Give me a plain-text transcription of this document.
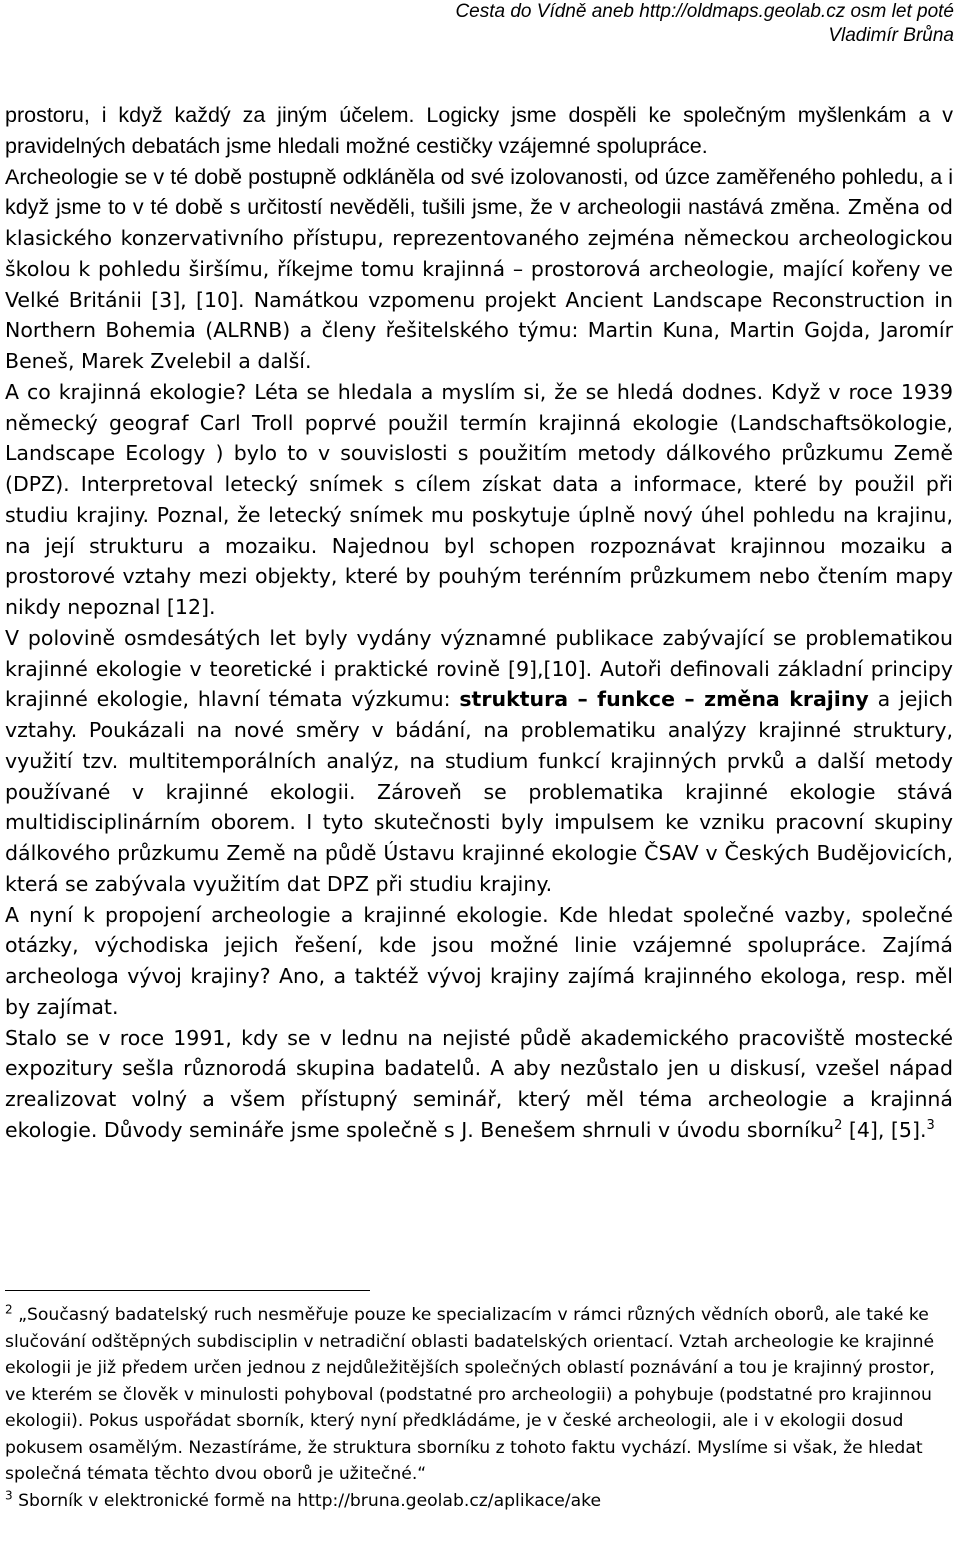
Cesta do Vídně aneb http://oldmaps.geolab.cz osm let poté
Vladimír Brůna

prostoru, i když každý za jiným účelem. Logicky jsme dospěli ke společným myšlenkám a v pravidelných debatách jsme hledali možné cestičky vzájemné spolupráce.

Archeologie se v té době postupně odkláněla od své izolovanosti, od úzce zaměřeného pohledu, a i když jsme to v té době s určitostí nevěděli, tušili jsme, že v archeologii nastává změna. Změna od klasického konzervativního přístupu, reprezentovaného zejména německou archeologickou školou k pohledu širšímu, říkejme tomu krajinná – prostorová archeologie, mající kořeny ve Velké Británii [3], [10]. Namátkou vzpomenu projekt Ancient Landscape Reconstruction in Northern Bohemia (ALRNB) a členy řešitelského týmu: Martin Kuna, Martin Gojda, Jaromír Beneš, Marek Zvelebil a další.

A co krajinná ekologie? Léta se hledala a myslím si, že se hledá dodnes. Když v roce 1939 německý geograf Carl Troll poprvé použil termín krajinná ekologie (Landschaftsökologie, Landscape Ecology ) bylo to v souvislosti s použitím metody dálkového průzkumu Země (DPZ). Interpretoval letecký snímek s cílem získat data a informace, které by použil při studiu krajiny. Poznal, že letecký snímek mu poskytuje úplně nový úhel pohledu na krajinu, na její strukturu a mozaiku. Najednou byl schopen rozpoznávat krajinnou mozaiku a prostorové vztahy mezi objekty, které by pouhým terénním průzkumem nebo čtením mapy nikdy nepoznal [12].

V polovině osmdesátých let byly vydány významné publikace zabývající se problematikou krajinné ekologie v teoretické i praktické rovině [9],[10]. Autoři definovali základní principy krajinné ekologie, hlavní témata výzkumu: struktura – funkce – změna krajiny a jejich vztahy. Poukázali na nové směry v bádání, na problematiku analýzy krajinné struktury, využití tzv. multitemporálních analýz, na studium funkcí krajinných prvků a další metody používané v krajinné ekologii. Zároveň se problematika krajinné ekologie stává multidisciplinárním oborem. I tyto skutečnosti byly impulsem ke vzniku pracovní skupiny dálkového průzkumu Země na půdě Ústavu krajinné ekologie ČSAV v Českých Budějovicích, která se zabývala využitím dat DPZ při studiu krajiny.

A nyní k propojení archeologie a krajinné ekologie. Kde hledat společné vazby, společné otázky, východiska jejich řešení, kde jsou možné linie vzájemné spolupráce. Zajímá archeologa vývoj krajiny? Ano, a taktéž vývoj krajiny zajímá krajinného ekologa, resp. měl by zajímat.

Stalo se v roce 1991, kdy se v lednu na nejisté půdě akademického pracoviště mostecké expozitury sešla různorodá skupina badatelů. A aby nezůstalo jen u diskusí, vzešel nápad zrealizovat volný a všem přístupný seminář, který měl téma archeologie a krajinná ekologie. Důvody semináře jsme společně s J. Benešem shrnuli v úvodu sborníku$^2$ [4], [5].$^3$

$^2$ „Současný badatelský ruch nesměřuje pouze ke specializacím v rámci různých vědních oborů, ale také ke slučování odštěpných subdisciplin v netradiční oblasti badatelských orientací. Vztah archeologie ke krajinné ekologii je již předem určen jednou z nejdůležitějších společných oblastí poznávání a tou je krajinný prostor, ve kterém se člověk v minulosti pohyboval (podstatné pro archeologii) a pohybuje (podstatné pro krajinnou ekologii). Pokus uspořádat sborník, který nyní předkládáme, je v české archeologii, ale i v ekologii dosud pokusem osamělým. Nezastíráme, že struktura sborníku z tohoto faktu vychází. Myslíme si však, že hledat společná témata těchto dvou oborů je užitečné.“

$^3$ Sborník v elektronické formě na http://bruna.geolab.cz/aplikace/ake
